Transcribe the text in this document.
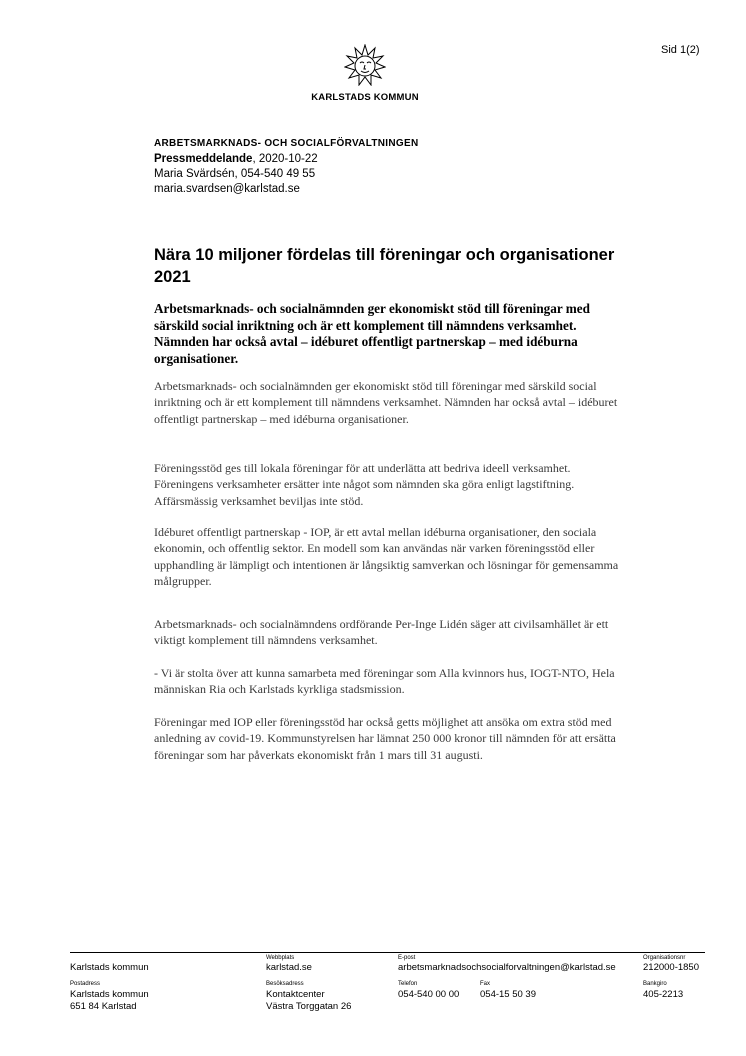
Sid 1(2)
KARLSTADS KOMMUN
ARBETSMARKNADS- OCH SOCIALFÖRVALTNINGEN
Pressmeddelande, 2020-10-22
Maria Svärdsén, 054-540 49 55
maria.svardsen@karlstad.se
Nära 10 miljoner fördelas till föreningar och organisationer 2021
Arbetsmarknads- och socialnämnden ger ekonomiskt stöd till föreningar med särskild social inriktning och är ett komplement till nämndens verksamhet. Nämnden har också avtal – idéburet offentligt partnerskap – med idéburna organisationer.
Arbetsmarknads- och socialnämnden ger ekonomiskt stöd till föreningar med särskild social inriktning och är ett komplement till nämndens verksamhet. Nämnden har också avtal – idéburet offentligt partnerskap – med idéburna organisationer.
Föreningsstöd ges till lokala föreningar för att underlätta att bedriva ideell verksamhet. Föreningens verksamheter ersätter inte något som nämnden ska göra enligt lagstiftning. Affärsmässig verksamhet beviljas inte stöd.
Idéburet offentligt partnerskap - IOP, är ett avtal mellan idéburna organisationer, den sociala ekonomin, och offentlig sektor. En modell som kan användas när varken föreningsstöd eller upphandling är lämpligt och intentionen är långsiktig samverkan och lösningar för gemensamma målgrupper.
Arbetsmarknads- och socialnämndens ordförande Per-Inge Lidén säger att civilsamhället är ett viktigt komplement till nämndens verksamhet.
- Vi är stolta över att kunna samarbeta med föreningar som Alla kvinnors hus, IOGT-NTO, Hela människan Ria och Karlstads kyrkliga stadsmission.
Föreningar med IOP eller föreningsstöd har också getts möjlighet att ansöka om extra stöd med anledning av covid-19. Kommunstyrelsen har lämnat 250 000 kronor till nämnden för att ersätta föreningar som har påverkats ekonomiskt från 1 mars till 31 augusti.
Karlstads kommun
Webbplats
karlstad.se
E-post
arbetsmarknadsochsocialforvaltningen@karlstad.se
Organisationsnr
212000-1850
Postadress
Karlstads kommun
651 84 Karlstad
Besöksadress
Kontaktcenter
Västra Torggatan 26
Telefon
054-540 00 00
Fax
054-15 50 39
Bankgiro
405-2213
